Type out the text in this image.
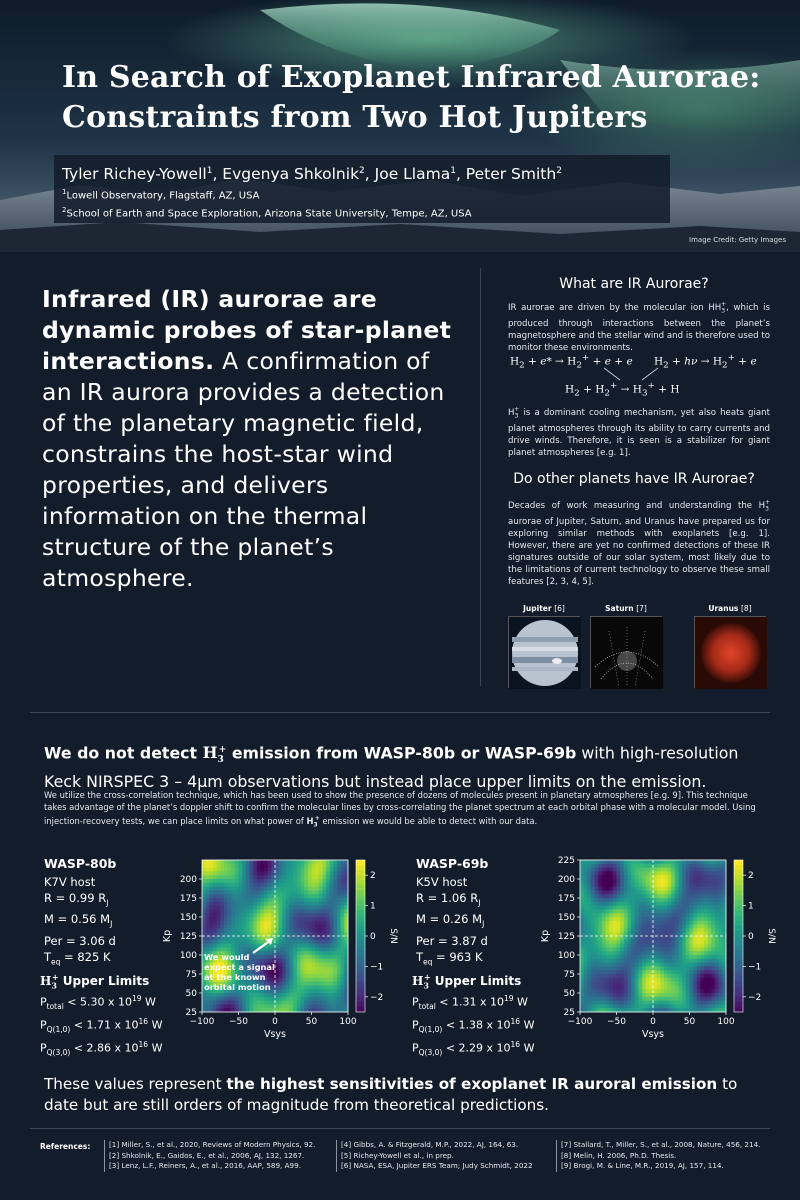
In Search of Exoplanet Infrared Aurorae:
Constraints from Two Hot Jupiters
Tyler Richey-Yowell$^1$, Evgenya Shkolnik$^2$, Joe Llama$^1$, Peter Smith$^2$
$^1$Lowell Observatory, Flagstaff, AZ, USA
$^2$School of Earth and Space Exploration, Arizona State University, Tempe, AZ, USA
Image Credit: Getty Images
Infrared (IR) aurorae are dynamic probes of star-planet interactions. A confirmation of an IR aurora provides a detection of the planetary magnetic field, constrains the host-star wind properties, and delivers information on the thermal structure of the planet’s atmosphere.
What are IR Aurorae?
IR aurorae are driven by the molecular ion $HH_3^+$, which is produced through interactions between the planet’s magnetosphere and the stellar wind and is therefore used to monitor these environments.
$H_2 + e* \to H_2^+ + e + e$ $H_2 + h\nu \to H_2^+ + e$
$H_2 + H_2^+ \to H_3^+ + H$
$H_3^+$ is a dominant cooling mechanism, yet also heats giant planet atmospheres through its ability to carry currents and drive winds. Therefore, it is seen is a stabilizer for giant planet atmospheres [e.g. 1].
Do other planets have IR Aurorae?
Decades of work measuring and understanding the $H_3^+$ aurorae of Jupiter, Saturn, and Uranus have prepared us for exploring similar methods with exoplanets [e.g. 1]. However, there are yet no confirmed detections of these IR signatures outside of our solar system, most likely due to the limitations of current technology to observe these small features [2, 3, 4, 5].
Jupiter [6]	Saturn [7]	Uranus [8]
We do not detect $H_3^+$ emission from WASP-80b or WASP-69b with high-resolution Keck NIRSPEC 3 – 4μm observations but instead place upper limits on the emission.
We utilize the cross-correlation technique, which has been used to show the presence of dozens of molecules present in planetary atmospheres [e.g. 9]. This technique takes advantage of the planet’s doppler shift to confirm the molecular lines by cross-correlating the planet spectrum at each orbital phase with a molecular model. Using injection-recovery tests, we can place limits on what power of $H_3^+$ emission we would be able to detect with our data.
WASP-80b
K7V host
R = 0.99 $R_J$
M = 0.56 $M_J$
Per = 3.06 d
$T_{eq} = 825$ K
$H_3^+$ Upper Limits
$P_{total} < 5.30$ x $10^{19}$ W
$P_{Q(1,0)} < 1.71$ x $10^{16}$ W
$P_{Q(3,0)} < 2.86$ x $10^{16}$ W
−100 −50	0	50 100
25
50
75
100
125
150
175
200
Vsys
Kp
−2
−1
0
1
2
S/N
We would
expect a signal
at the known
orbital motion
WASP-69b
K5V host
R = 1.06 $R_J$
M = 0.26 $M_J$
Per = 3.87 d
$T_{eq} = 963$ K
$H_3^+$ Upper Limits
$P_{total} < 1.31$ x $10^{19}$ W
$P_{Q(1,0)} < 1.38$ x $10^{16}$ W
$P_{Q(3,0)} < 2.29$ x $10^{16}$ W
−100 −50	0	50 100
25
50
75
100
125
150
175
200
225
Vsys
Kp
−2
−1
0
1
2
S/N
These values represent the highest sensitivities of exoplanet IR auroral emission to date but are still orders of magnitude from theoretical predictions.
References:	[1] Miller, S., et al., 2020, Reviews of Modern Physics, 92.
[2] Shkolnik, E., Gaidos, E., et al., 2006, AJ, 132, 1267.
[3] Lenz, L.F., Reiners, A., et al., 2016, AAP, 589, A99.
[4] Gibbs, A. & Fitzgerald, M.P., 2022, AJ, 164, 63.
[5] Richey-Yowell et al., in prep.
[6] NASA, ESA, Jupiter ERS Team; Judy Schmidt, 2022
[7] Stallard, T., Miller, S., et al., 2008, Nature, 456, 214.
[8] Melin, H. 2006, Ph.D. Thesis.
[9] Brogi, M. & Line, M.R., 2019, AJ, 157, 114.
